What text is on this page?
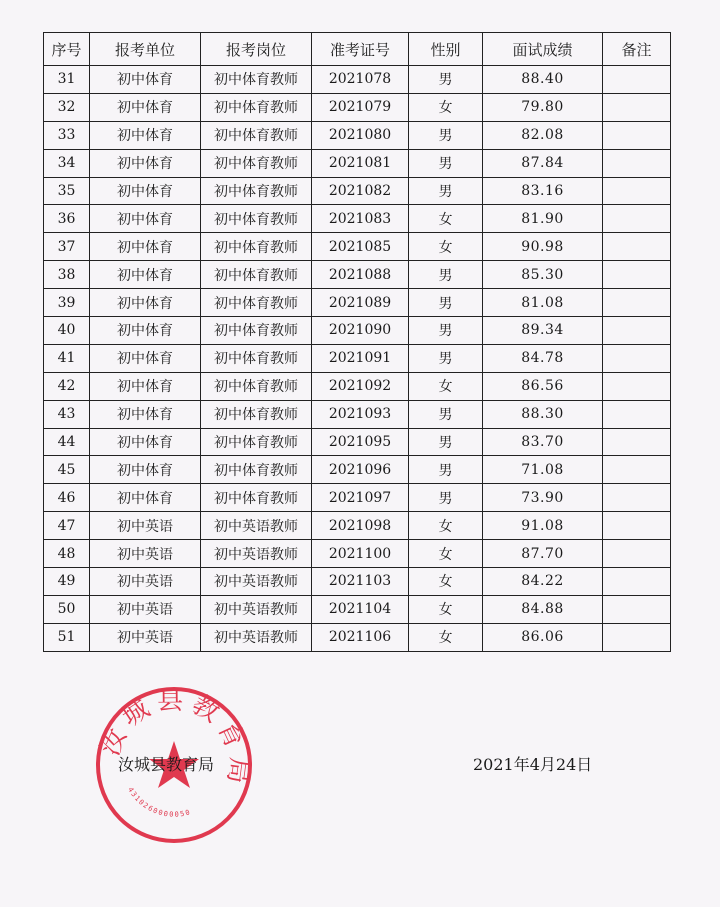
序号	报考单位	报考岗位	准考证号	性别	面试成绩	备注
31	初中体育	初中体育教师	2021078	男	88.40	
32	初中体育	初中体育教师	2021079	女	79.80	
33	初中体育	初中体育教师	2021080	男	82.08	
34	初中体育	初中体育教师	2021081	男	87.84	
35	初中体育	初中体育教师	2021082	男	83.16	
36	初中体育	初中体育教师	2021083	女	81.90	
37	初中体育	初中体育教师	2021085	女	90.98	
38	初中体育	初中体育教师	2021088	男	85.30	
39	初中体育	初中体育教师	2021089	男	81.08	
40	初中体育	初中体育教师	2021090	男	89.34	
41	初中体育	初中体育教师	2021091	男	84.78	
42	初中体育	初中体育教师	2021092	女	86.56	
43	初中体育	初中体育教师	2021093	男	88.30	
44	初中体育	初中体育教师	2021095	男	83.70	
45	初中体育	初中体育教师	2021096	男	71.08	
46	初中体育	初中体育教师	2021097	男	73.90	
47	初中英语	初中英语教师	2021098	女	91.08	
48	初中英语	初中英语教师	2021100	女	87.70	
49	初中英语	初中英语教师	2021103	女	84.22	
50	初中英语	初中英语教师	2021104	女	84.88	
51	初中英语	初中英语教师	2021106	女	86.06	
汝城县教育局
4310260000050
汝城县教育局	2021年4月24日
